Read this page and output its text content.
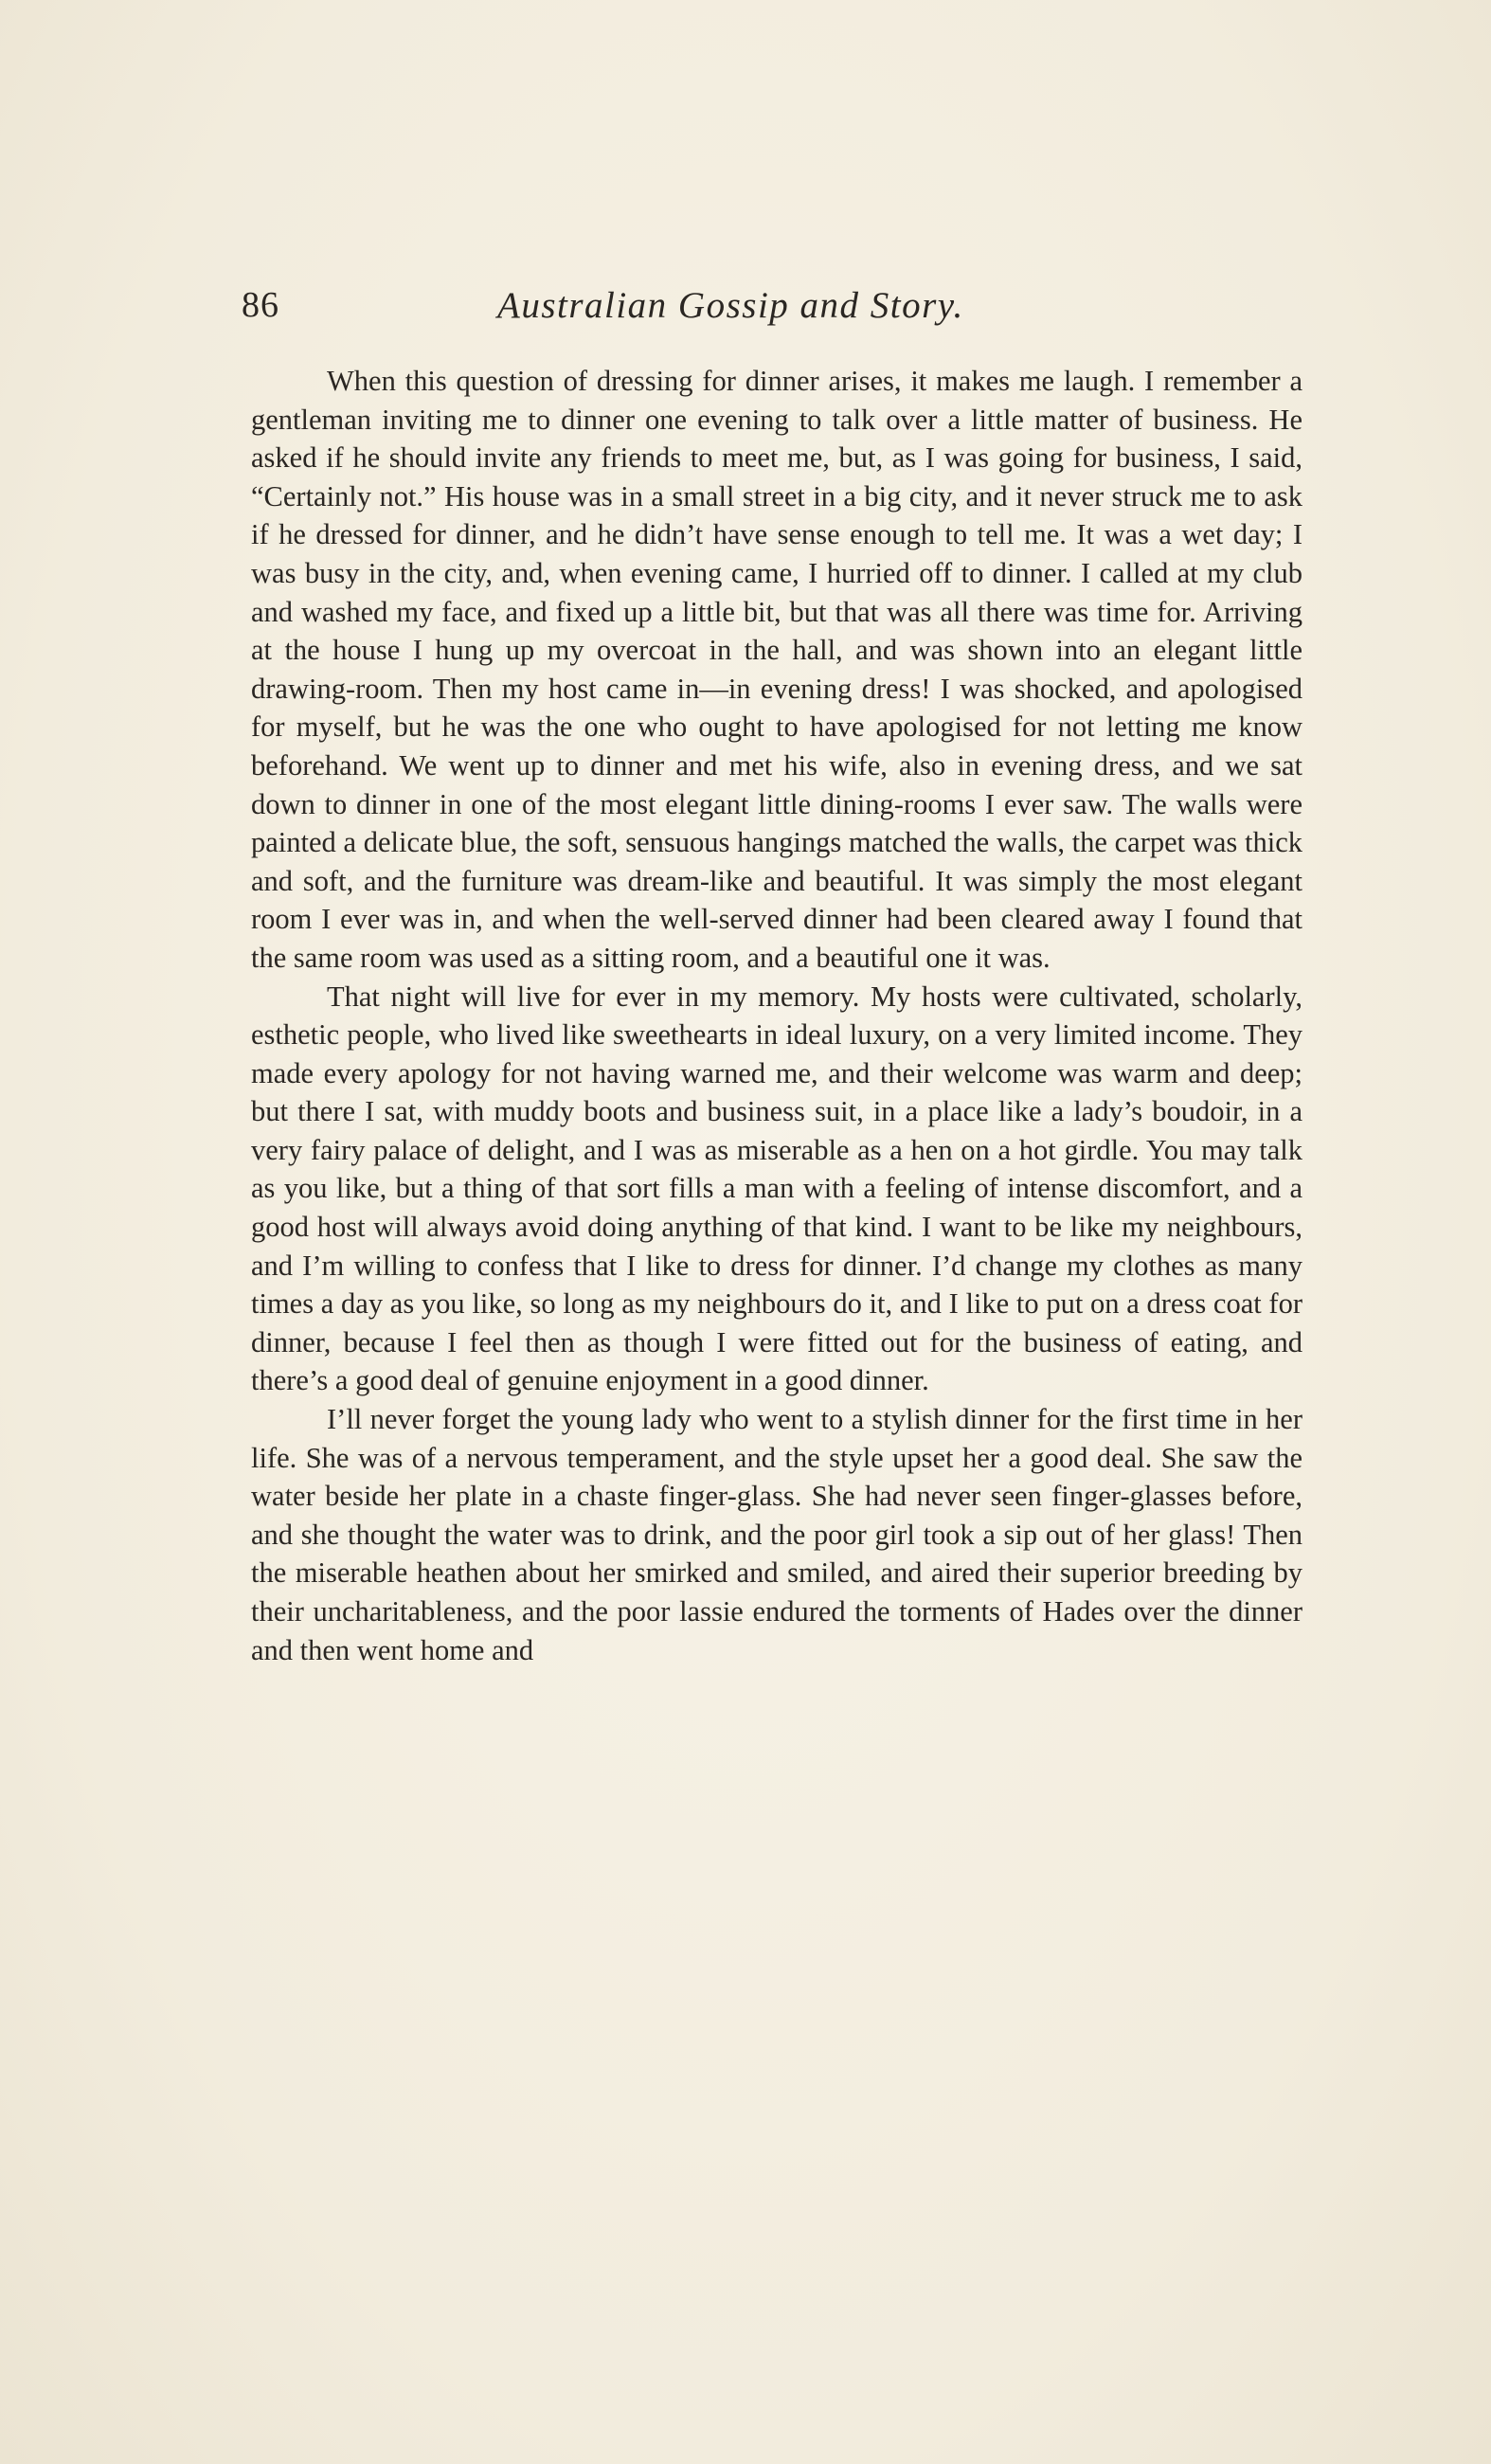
86	Australian Gossip and Story.

When this question of dressing for dinner arises, it makes me laugh. I remember a gentleman inviting me to dinner one evening to talk over a little matter of business. He asked if he should invite any friends to meet me, but, as I was going for business, I said, “Certainly not.” His house was in a small street in a big city, and it never struck me to ask if he dressed for dinner, and he didn’t have sense enough to tell me. It was a wet day; I was busy in the city, and, when evening came, I hurried off to dinner. I called at my club and washed my face, and fixed up a little bit, but that was all there was time for. Arriving at the house I hung up my overcoat in the hall, and was shown into an elegant little drawing-room. Then my host came in—in evening dress! I was shocked, and apologised for myself, but he was the one who ought to have apologised for not letting me know beforehand. We went up to dinner and met his wife, also in evening dress, and we sat down to dinner in one of the most elegant little dining-rooms I ever saw. The walls were painted a delicate blue, the soft, sensuous hangings matched the walls, the carpet was thick and soft, and the furniture was dream-like and beautiful. It was simply the most elegant room I ever was in, and when the well-served dinner had been cleared away I found that the same room was used as a sitting room, and a beautiful one it was.

That night will live for ever in my memory. My hosts were cultivated, scholarly, esthetic people, who lived like sweethearts in ideal luxury, on a very limited income. They made every apology for not having warned me, and their welcome was warm and deep; but there I sat, with muddy boots and business suit, in a place like a lady’s boudoir, in a very fairy palace of delight, and I was as miserable as a hen on a hot girdle. You may talk as you like, but a thing of that sort fills a man with a feeling of intense discomfort, and a good host will always avoid doing anything of that kind. I want to be like my neighbours, and I’m willing to confess that I like to dress for dinner. I’d change my clothes as many times a day as you like, so long as my neighbours do it, and I like to put on a dress coat for dinner, because I feel then as though I were fitted out for the business of eating, and there’s a good deal of genuine enjoyment in a good dinner.

I’ll never forget the young lady who went to a stylish dinner for the first time in her life. She was of a nervous temperament, and the style upset her a good deal. She saw the water beside her plate in a chaste finger-glass. She had never seen finger-glasses before, and she thought the water was to drink, and the poor girl took a sip out of her glass! Then the miserable heathen about her smirked and smiled, and aired their superior breeding by their uncharitableness, and the poor lassie endured the torments of Hades over the dinner and then went home and
